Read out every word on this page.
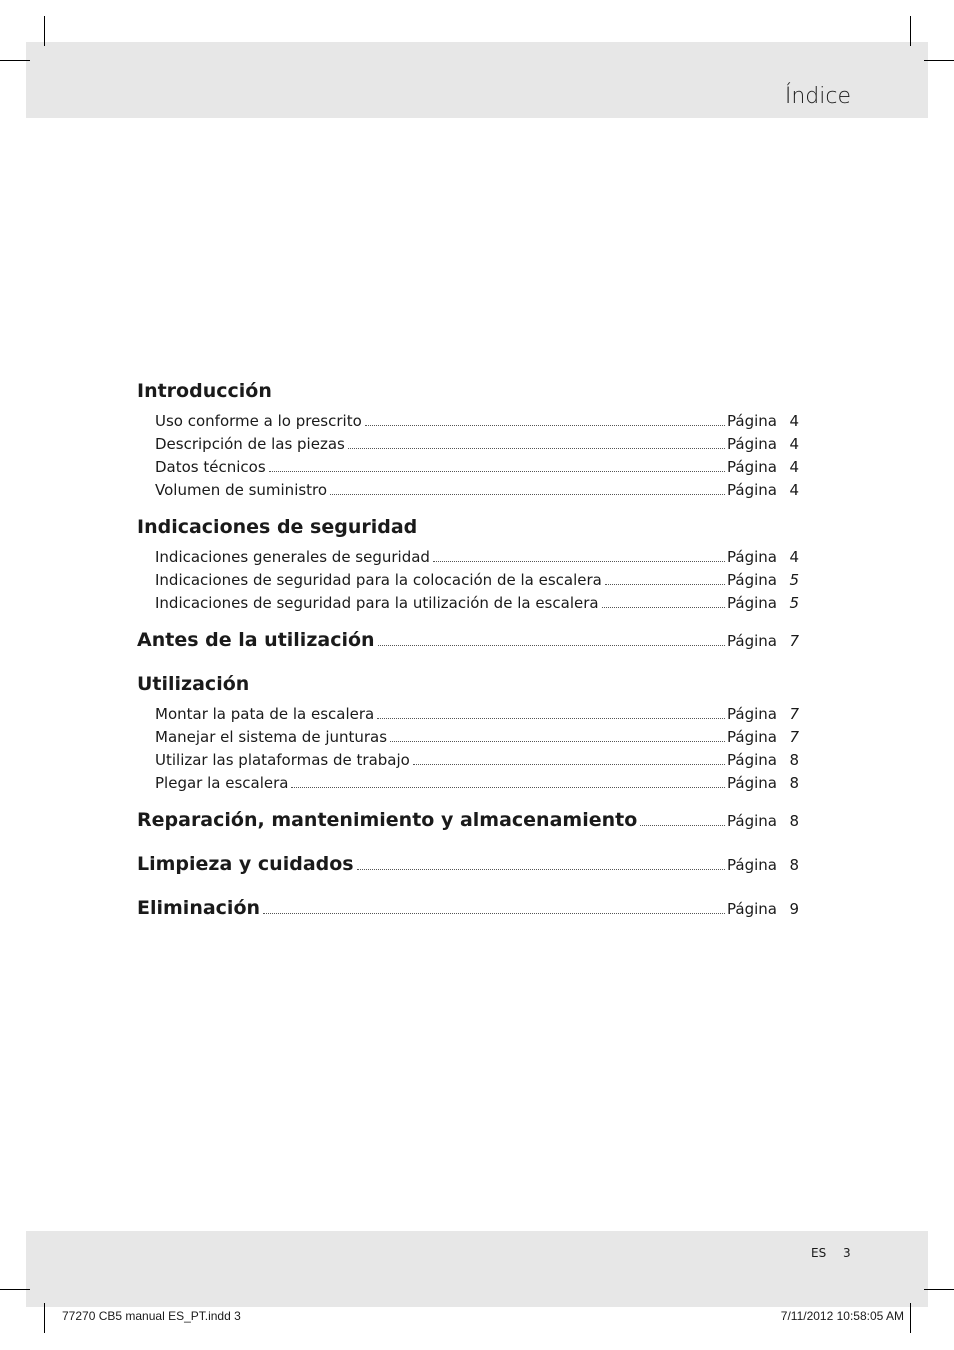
Índice
Introducción
Uso conforme a lo prescrito	Página 4
Descripción de las piezas	Página 4
Datos técnicos	Página 4
Volumen de suministro	Página 4
Indicaciones de seguridad
Indicaciones generales de seguridad	Página 4
Indicaciones de seguridad para la colocación de la escalera	Página 5
Indicaciones de seguridad para la utilización de la escalera	Página 5
Antes de la utilización	Página 7
Utilización
Montar la pata de la escalera	Página 7
Manejar el sistema de junturas	Página 7
Utilizar las plataformas de trabajo	Página 8
Plegar la escalera	Página 8
Reparación, mantenimiento y almacenamiento	Página 8
Limpieza y cuidados	Página 8
Eliminación	Página 9
ES 3
77270 CB5 manual ES_PT.indd 3	7/11/2012 10:58:05 AM
